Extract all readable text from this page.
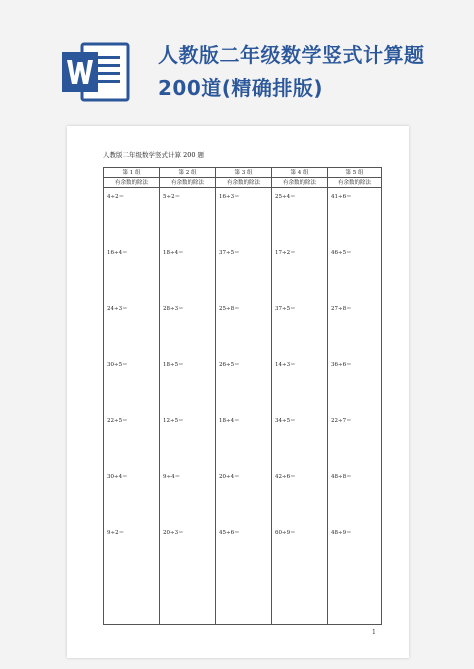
人教版二年级数学竖式计算题200道(精确排版)
人教版二年级数学竖式计算 200 题
第 1 组
有余数的除法
4÷2＝
16÷4＝
24÷3＝
30÷5＝
22÷5＝
30÷4＝
9÷2＝
第 2 组
有余数的除法
5÷2＝
18÷4＝
28÷3＝
18÷5＝
12÷5＝
9÷4＝
20÷3＝
第 3 组
有余数的除法
16÷3＝
37÷5＝
25÷8＝
26÷5＝
18÷4＝
20÷4＝
45÷6＝
第 4 组
有余数的除法
25÷4＝
17÷2＝
37÷5＝
14÷3＝
34÷5＝
42÷6＝
60÷9＝
第 5 组
有余数的除法
41÷6＝
46÷5＝
27÷8＝
36÷6＝
22÷7＝
48÷8＝
48÷9＝
1
